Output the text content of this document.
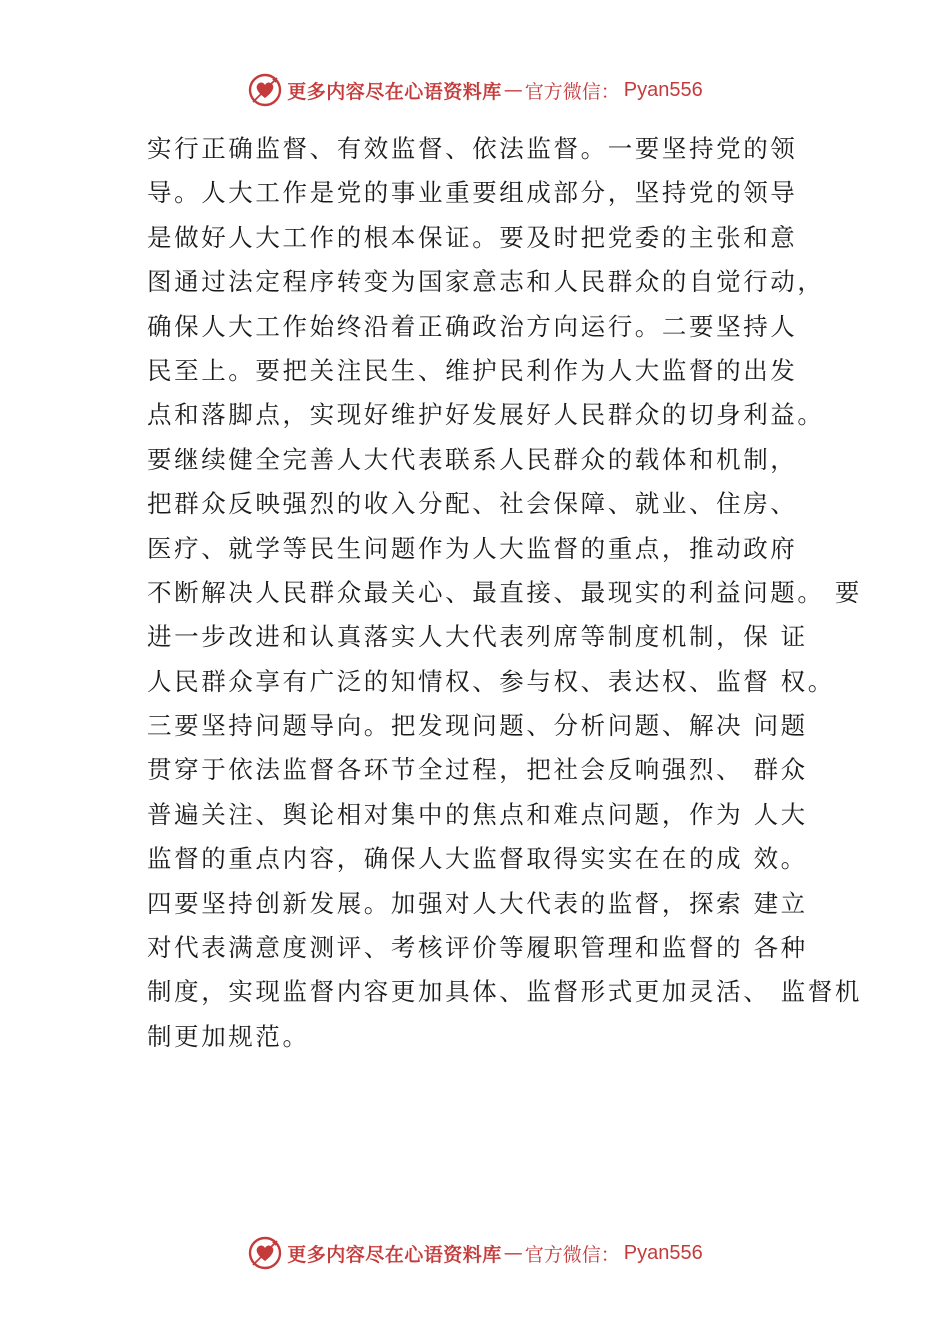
更多内容尽在心语资料库 — 官方微信： Pyan556
实行正确监督、有效监督、依法监督。一要坚持党的领
导。人大工作是党的事业重要组成部分，坚持党的领导
是做好人大工作的根本保证。要及时把党委的主张和意
图通过法定程序转变为国家意志和人民群众的自觉行动，
确保人大工作始终沿着正确政治方向运行。二要坚持人
民至上。要把关注民生、维护民利作为人大监督的出发
点和落脚点，实现好维护好发展好人民群众的切身利益。
要继续健全完善人大代表联系人民群众的载体和机制，
把群众反映强烈的收入分配、社会保障、就业、住房、
医疗、就学等民生问题作为人大监督的重点，推动政府
不断解决人民群众最关心、最直接、最现实的利益问题。 要
进一步改进和认真落实人大代表列席等制度机制，保 证
人民群众享有广泛的知情权、参与权、表达权、监督 权。
三要坚持问题导向。把发现问题、分析问题、解决 问题
贯穿于依法监督各环节全过程，把社会反响强烈、 群众
普遍关注、舆论相对集中的焦点和难点问题，作为 人大
监督的重点内容，确保人大监督取得实实在在的成 效。
四要坚持创新发展。加强对人大代表的监督，探索 建立
对代表满意度测评、考核评价等履职管理和监督的 各种
制度，实现监督内容更加具体、监督形式更加灵活、 监督机
制更加规范。
更多内容尽在心语资料库 — 官方微信： Pyan556
